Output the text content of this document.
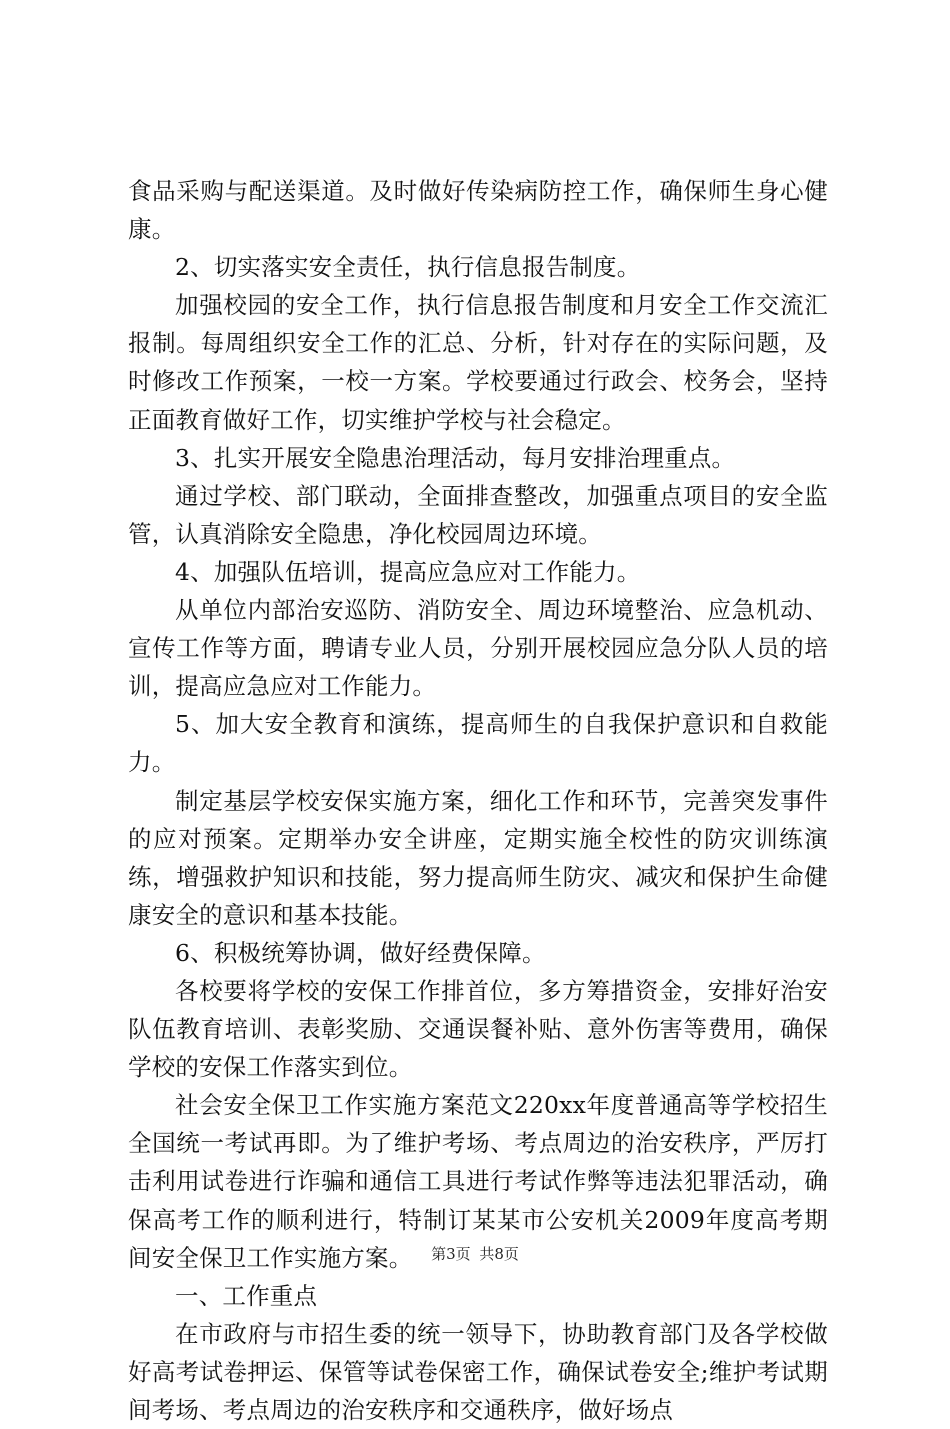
食品采购与配送渠道。及时做好传染病防控工作，确保师生身心健康。

2、切实落实安全责任，执行信息报告制度。

加强校园的安全工作，执行信息报告制度和月安全工作交流汇报制。每周组织安全工作的汇总、分析，针对存在的实际问题，及时修改工作预案，一校一方案。学校要通过行政会、校务会，坚持正面教育做好工作，切实维护学校与社会稳定。

3、扎实开展安全隐患治理活动，每月安排治理重点。

通过学校、部门联动，全面排查整改，加强重点项目的安全监管，认真消除安全隐患，净化校园周边环境。

4、加强队伍培训，提高应急应对工作能力。

从单位内部治安巡防、消防安全、周边环境整治、应急机动、宣传工作等方面，聘请专业人员，分别开展校园应急分队人员的培训，提高应急应对工作能力。

5、加大安全教育和演练，提高师生的自我保护意识和自救能力。

制定基层学校安保实施方案，细化工作和环节，完善突发事件的应对预案。定期举办安全讲座，定期实施全校性的防灾训练演练，增强救护知识和技能，努力提高师生防灾、减灾和保护生命健康安全的意识和基本技能。

6、积极统筹协调，做好经费保障。

各校要将学校的安保工作排首位，多方筹措资金，安排好治安队伍教育培训、表彰奖励、交通误餐补贴、意外伤害等费用，确保学校的安保工作落实到位。

社会安全保卫工作实施方案范文220xx年度普通高等学校招生全国统一考试再即。为了维护考场、考点周边的治安秩序，严厉打击利用试卷进行诈骗和通信工具进行考试作弊等违法犯罪活动，确保高考工作的顺利进行，特制订某某市公安机关2009年度高考期间安全保卫工作实施方案。

一、工作重点

在市政府与市招生委的统一领导下，协助教育部门及各学校做好高考试卷押运、保管等试卷保密工作，确保试卷安全;维护考试期间考场、考点周边的治安秩序和交通秩序，做好场点

第3页 共8页
